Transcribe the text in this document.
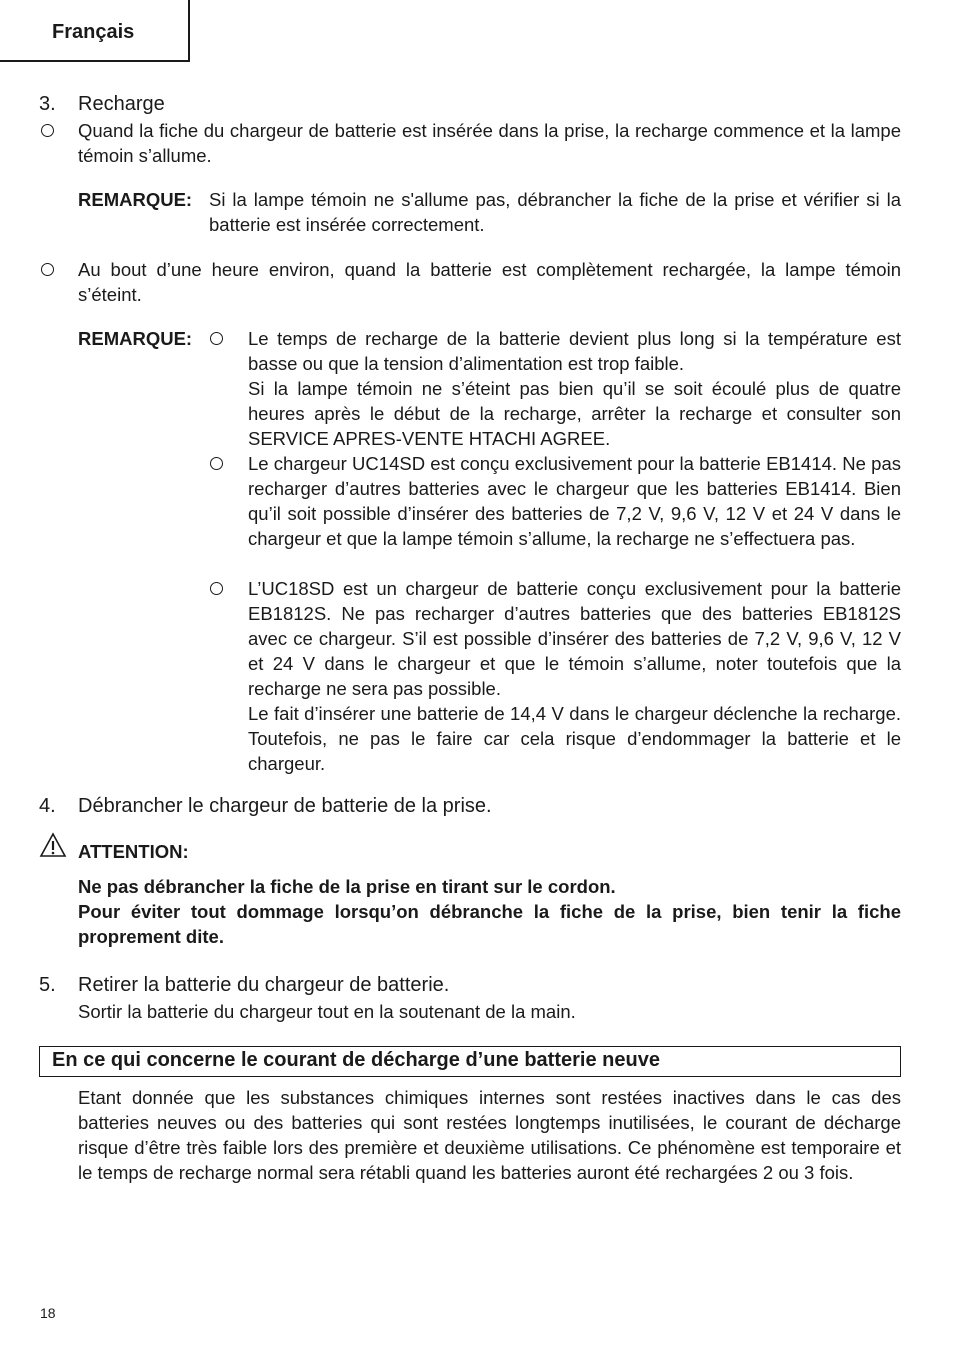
Français
3. Recharge
Quand la fiche du chargeur de batterie est insérée dans la prise, la recharge commence et la lampe témoin s’allume.
REMARQUE: Si la lampe témoin ne s'allume pas, débrancher la fiche de la prise et vérifier si la batterie est insérée correctement.
Au bout d’une heure environ, quand la batterie est complètement rechargée, la lampe témoin s’éteint.
REMARQUE:	Le temps de recharge de la batterie devient plus long si la température est basse ou que la tension d’alimentation est trop faible.
Si la lampe témoin ne s’éteint pas bien qu’il se soit écoulé plus de quatre heures après le début de la recharge, arrêter la recharge et consulter son SERVICE APRES-VENTE HTACHI AGREE.
Le chargeur UC14SD est conçu exclusivement pour la batterie EB1414. Ne pas recharger d’autres batteries avec le chargeur que les batteries EB1414. Bien qu’il soit possible d’insérer des batteries de 7,2 V, 9,6 V, 12 V et 24 V dans le chargeur et que la lampe témoin s’allume, la recharge ne s’effectuera pas.
L’UC18SD est un chargeur de batterie conçu exclusivement pour la batterie EB1812S. Ne pas recharger d’autres batteries que des batteries EB1812S avec ce chargeur. S’il est possible d’insérer des batteries de 7,2 V, 9,6 V, 12 V et 24 V dans le chargeur et que le témoin s’allume, noter toutefois que la recharge ne sera pas possible.
Le fait d’insérer une batterie de 14,4 V dans le chargeur déclenche la recharge. Toutefois, ne pas le faire car cela risque d’endommager la batterie et le chargeur.
4. Débrancher le chargeur de batterie de la prise.
ATTENTION:
Ne pas débrancher la fiche de la prise en tirant sur le cordon.
Pour éviter tout dommage lorsqu’on débranche la fiche de la prise, bien tenir la fiche proprement dite.
5. Retirer la batterie du chargeur de batterie.
Sortir la batterie du chargeur tout en la soutenant de la main.
En ce qui concerne le courant de décharge d’une batterie neuve
Etant donnée que les substances chimiques internes sont restées inactives dans le cas des batteries neuves ou des batteries qui sont restées longtemps inutilisées, le courant de décharge risque d’être très faible lors des première et deuxième utilisations. Ce phénomène est temporaire et le temps de recharge normal sera rétabli quand les batteries auront été rechargées 2 ou 3 fois.
18
